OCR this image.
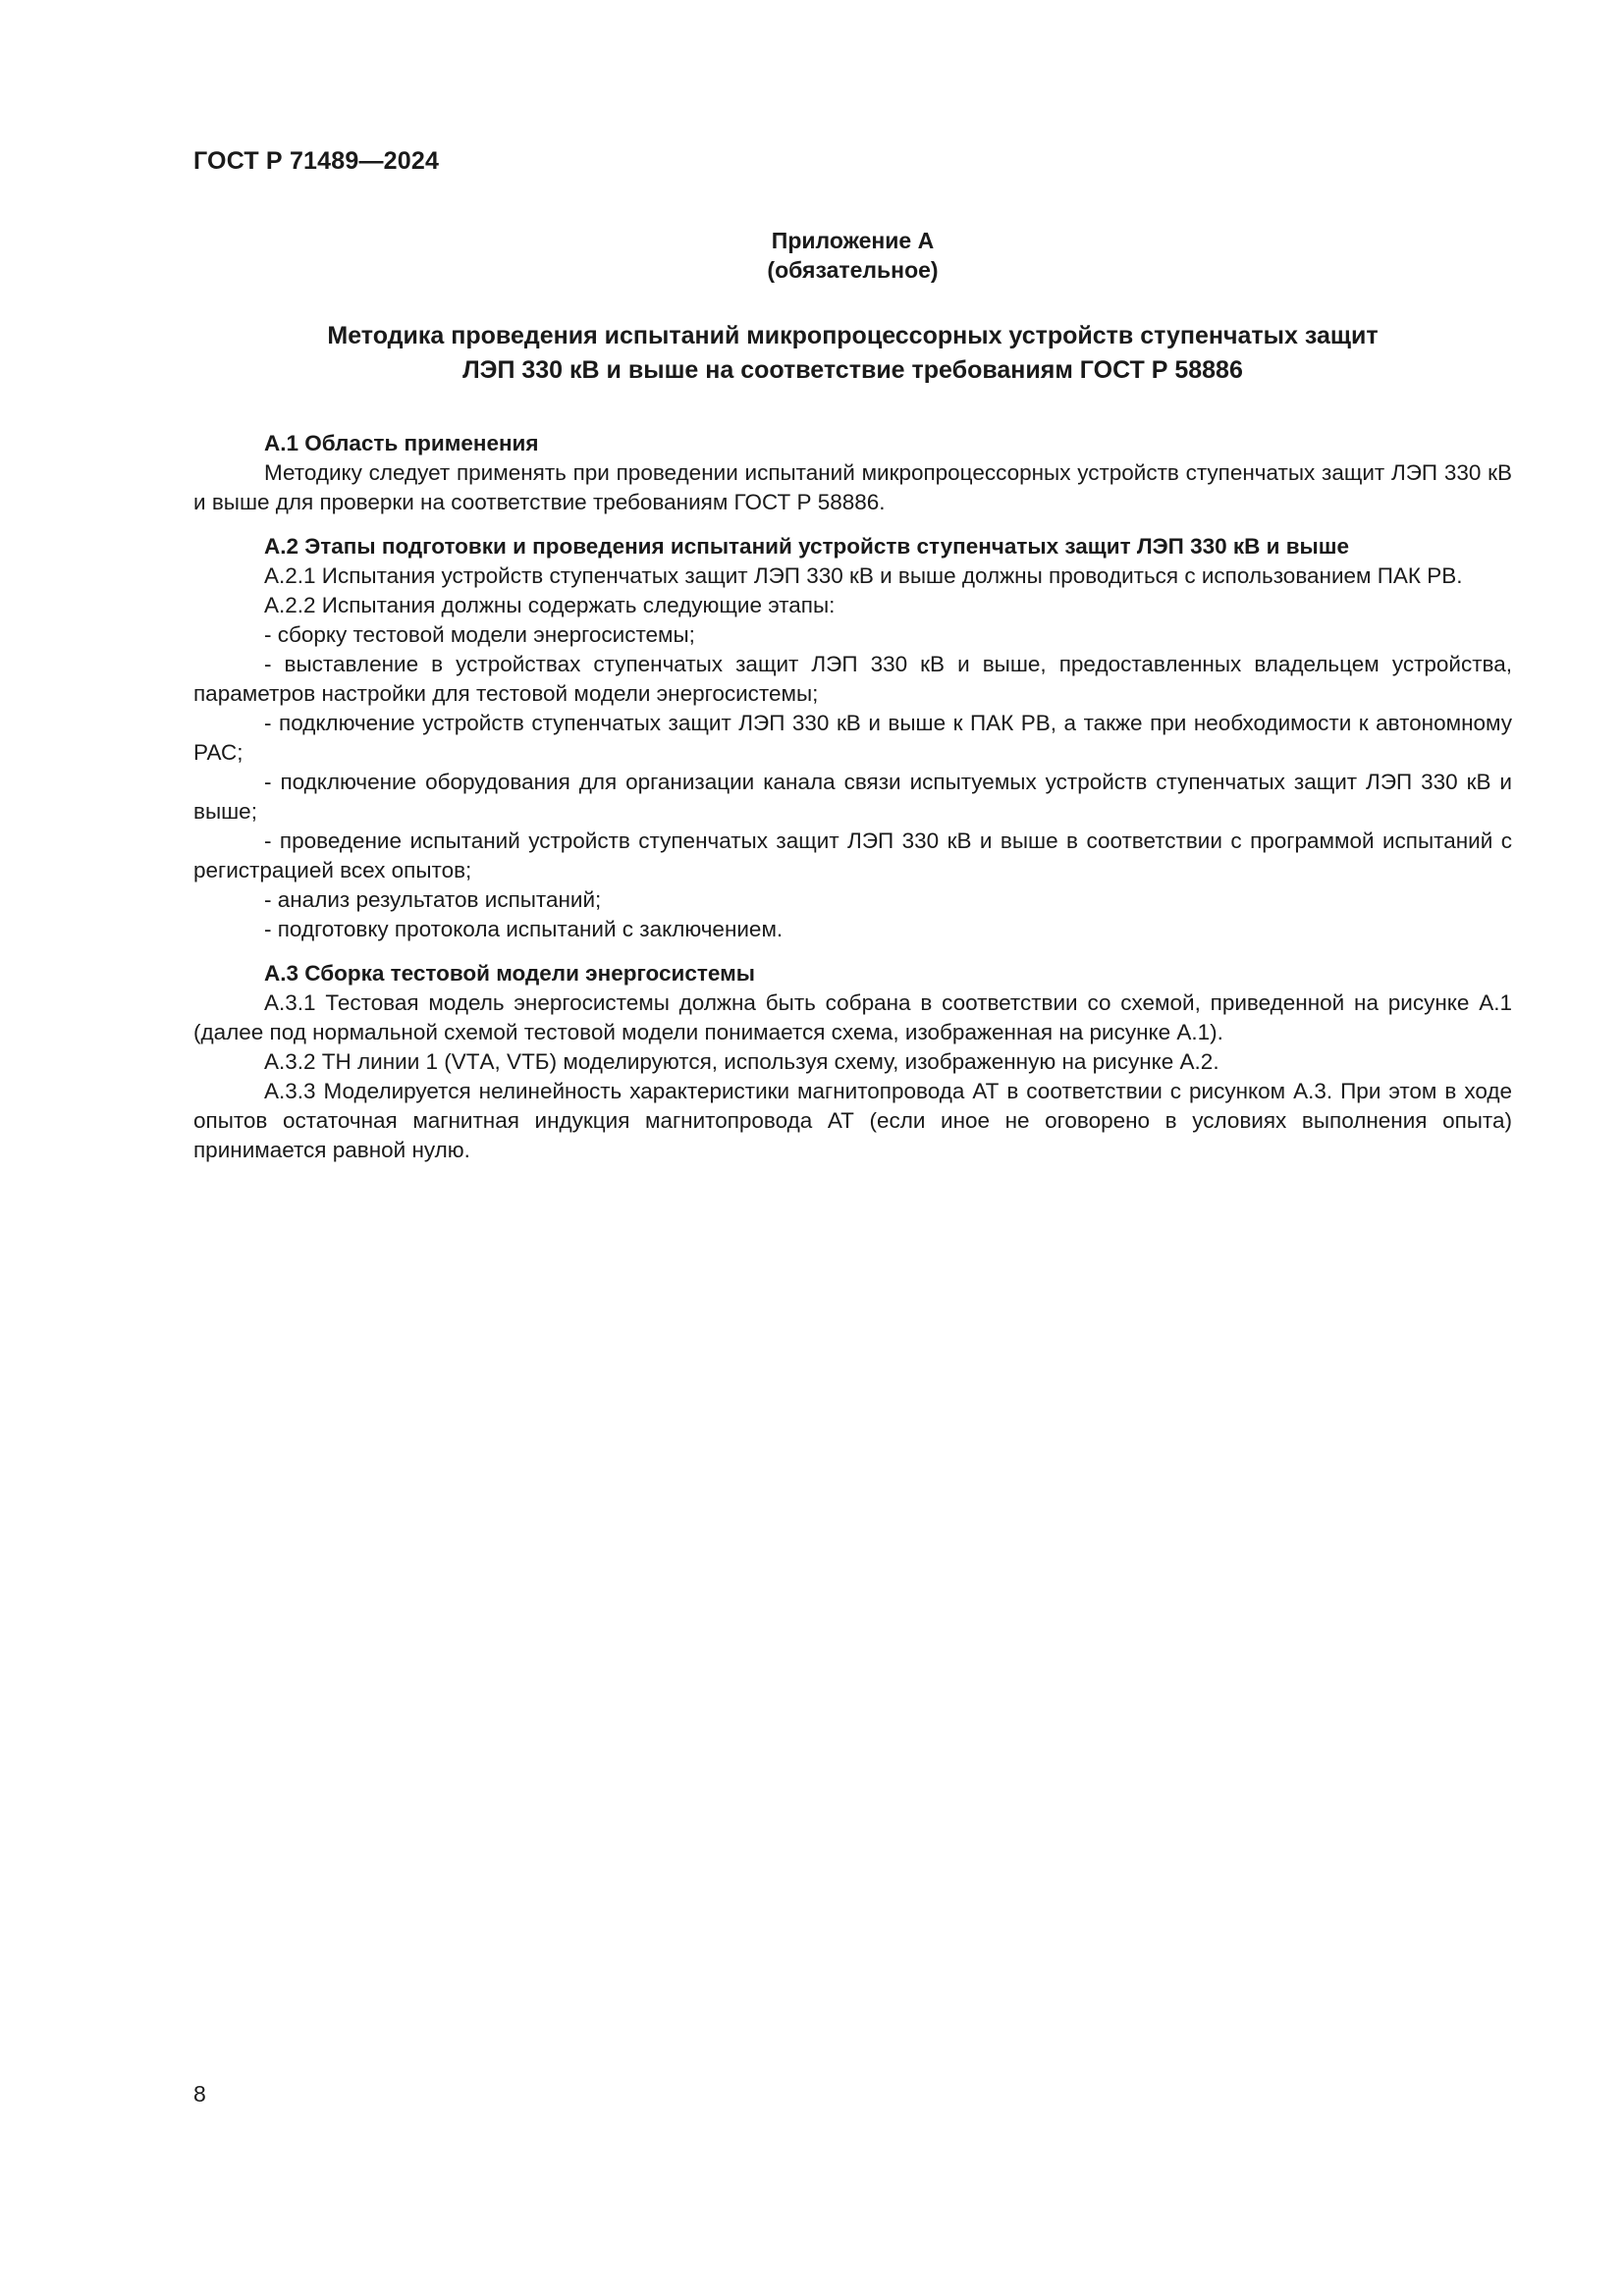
ГОСТ Р 71489—2024
Приложение А
(обязательное)
Методика проведения испытаний микропроцессорных устройств ступенчатых защит
ЛЭП 330 кВ и выше на соответствие требованиям ГОСТ Р 58886
А.1 Область применения

Методику следует применять при проведении испытаний микропроцессорных устройств ступенчатых защит ЛЭП 330 кВ и выше для проверки на соответствие требованиям ГОСТ Р 58886.

А.2 Этапы подготовки и проведения испытаний устройств ступенчатых защит ЛЭП 330 кВ и выше

А.2.1 Испытания устройств ступенчатых защит ЛЭП 330 кВ и выше должны проводиться с использованием ПАК РВ.

А.2.2 Испытания должны содержать следующие этапы:

- сборку тестовой модели энергосистемы;

- выставление в устройствах ступенчатых защит ЛЭП 330 кВ и выше, предоставленных владельцем устройства, параметров настройки для тестовой модели энергосистемы;

- подключение устройств ступенчатых защит ЛЭП 330 кВ и выше к ПАК РВ, а также при необходимости к автономному РАС;

- подключение оборудования для организации канала связи испытуемых устройств ступенчатых защит ЛЭП 330 кВ и выше;

- проведение испытаний устройств ступенчатых защит ЛЭП 330 кВ и выше в соответствии с программой испытаний с регистрацией всех опытов;

- анализ результатов испытаний;

- подготовку протокола испытаний с заключением.

А.3 Сборка тестовой модели энергосистемы

А.3.1 Тестовая модель энергосистемы должна быть собрана в соответствии со схемой, приведенной на рисунке А.1 (далее под нормальной схемой тестовой модели понимается схема, изображенная на рисунке А.1).

А.3.2 ТН линии 1 (VTА, VTБ) моделируются, используя схему, изображенную на рисунке А.2.

А.3.3 Моделируется нелинейность характеристики магнитопровода АТ в соответствии с рисунком А.3. При этом в ходе опытов остаточная магнитная индукция магнитопровода АТ (если иное не оговорено в условиях выполнения опыта) принимается равной нулю.

8
